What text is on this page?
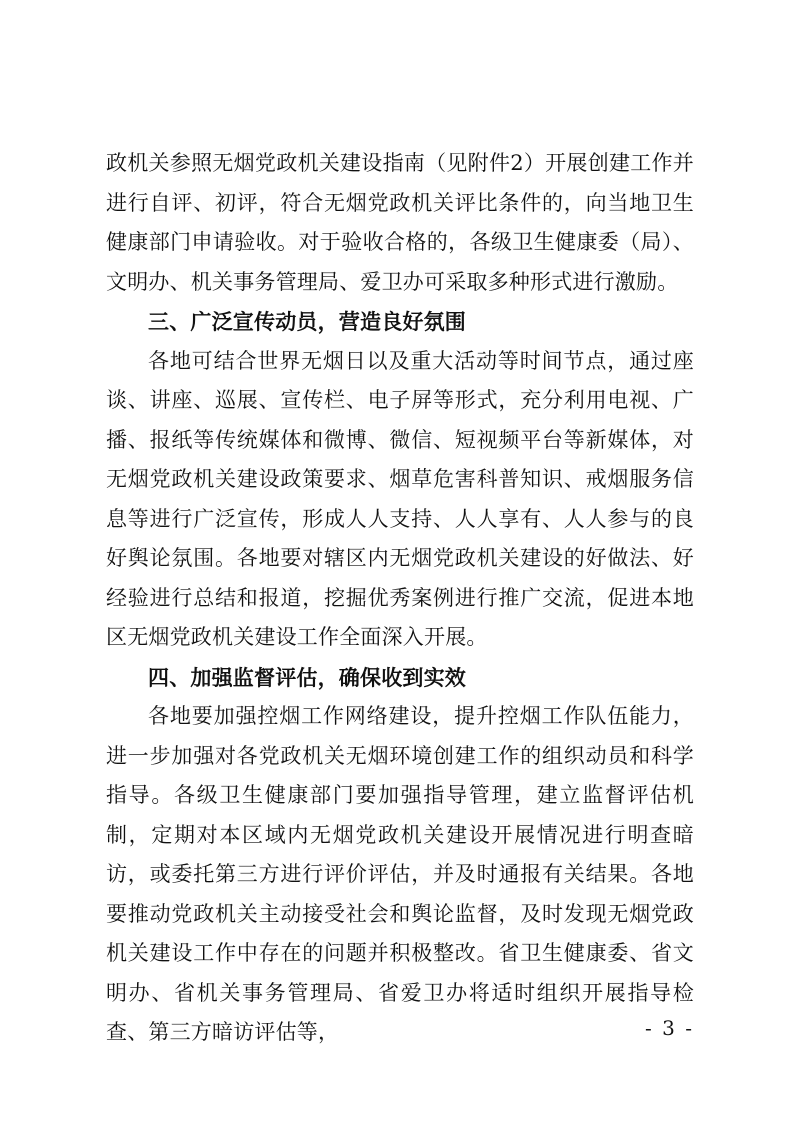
政机关参照无烟党政机关建设指南（见附件2）开展创建工作并进行自评、初评，符合无烟党政机关评比条件的，向当地卫生健康部门申请验收。对于验收合格的，各级卫生健康委（局）、文明办、机关事务管理局、爱卫办可采取多种形式进行激励。

三、广泛宣传动员，营造良好氛围

各地可结合世界无烟日以及重大活动等时间节点，通过座谈、讲座、巡展、宣传栏、电子屏等形式，充分利用电视、广播、报纸等传统媒体和微博、微信、短视频平台等新媒体，对无烟党政机关建设政策要求、烟草危害科普知识、戒烟服务信息等进行广泛宣传，形成人人支持、人人享有、人人参与的良好舆论氛围。各地要对辖区内无烟党政机关建设的好做法、好经验进行总结和报道，挖掘优秀案例进行推广交流，促进本地区无烟党政机关建设工作全面深入开展。

四、加强监督评估，确保收到实效

各地要加强控烟工作网络建设，提升控烟工作队伍能力，进一步加强对各党政机关无烟环境创建工作的组织动员和科学指导。各级卫生健康部门要加强指导管理，建立监督评估机制，定期对本区域内无烟党政机关建设开展情况进行明查暗访，或委托第三方进行评价评估，并及时通报有关结果。各地要推动党政机关主动接受社会和舆论监督，及时发现无烟党政机关建设工作中存在的问题并积极整改。省卫生健康委、省文明办、省机关事务管理局、省爱卫办将适时组织开展指导检查、第三方暗访评估等，	- 3 -
